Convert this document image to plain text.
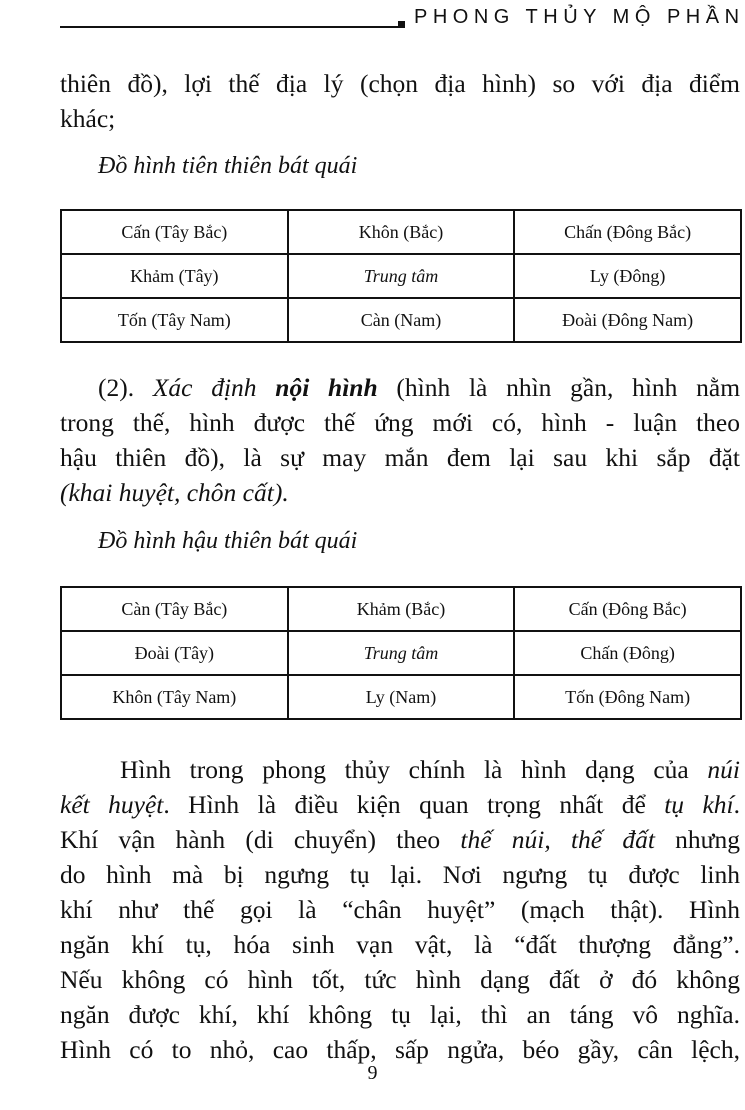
PHONG THỦY MỘ PHẦN

thiên đồ), lợi thế địa lý (chọn địa hình) so với địa điểm

khác;

Đồ hình tiên thiên bát quái

Cấn (Tây Bắc)	Khôn (Bắc)	Chấn (Đông Bắc)
Khảm (Tây)	Trung tâm	Ly (Đông)
Tốn (Tây Nam)	Càn (Nam)	Đoài (Đông Nam)

(2). Xác định nội hình (hình là nhìn gần, hình nằm

trong thế, hình được thế ứng mới có, hình - luận theo

hậu thiên đồ), là sự may mắn đem lại sau khi sắp đặt

(khai huyệt, chôn cất).

Đồ hình hậu thiên bát quái

Càn (Tây Bắc)	Khảm (Bắc)	Cấn (Đông Bắc)
Đoài (Tây)	Trung tâm	Chấn (Đông)
Khôn (Tây Nam)	Ly (Nam)	Tốn (Đông Nam)

Hình trong phong thủy chính là hình dạng của núi

kết huyệt. Hình là điều kiện quan trọng nhất để tụ khí.

Khí vận hành (di chuyển) theo thế núi, thế đất nhưng

do hình mà bị ngưng tụ lại. Nơi ngưng tụ được linh

khí như thế gọi là “chân huyệt” (mạch thật). Hình

ngăn khí tụ, hóa sinh vạn vật, là “đất thượng đẳng”.

Nếu không có hình tốt, tức hình dạng đất ở đó không

ngăn được khí, khí không tụ lại, thì an táng vô nghĩa.

Hình có to nhỏ, cao thấp, sấp ngửa, béo gầy, cân lệch,

9
